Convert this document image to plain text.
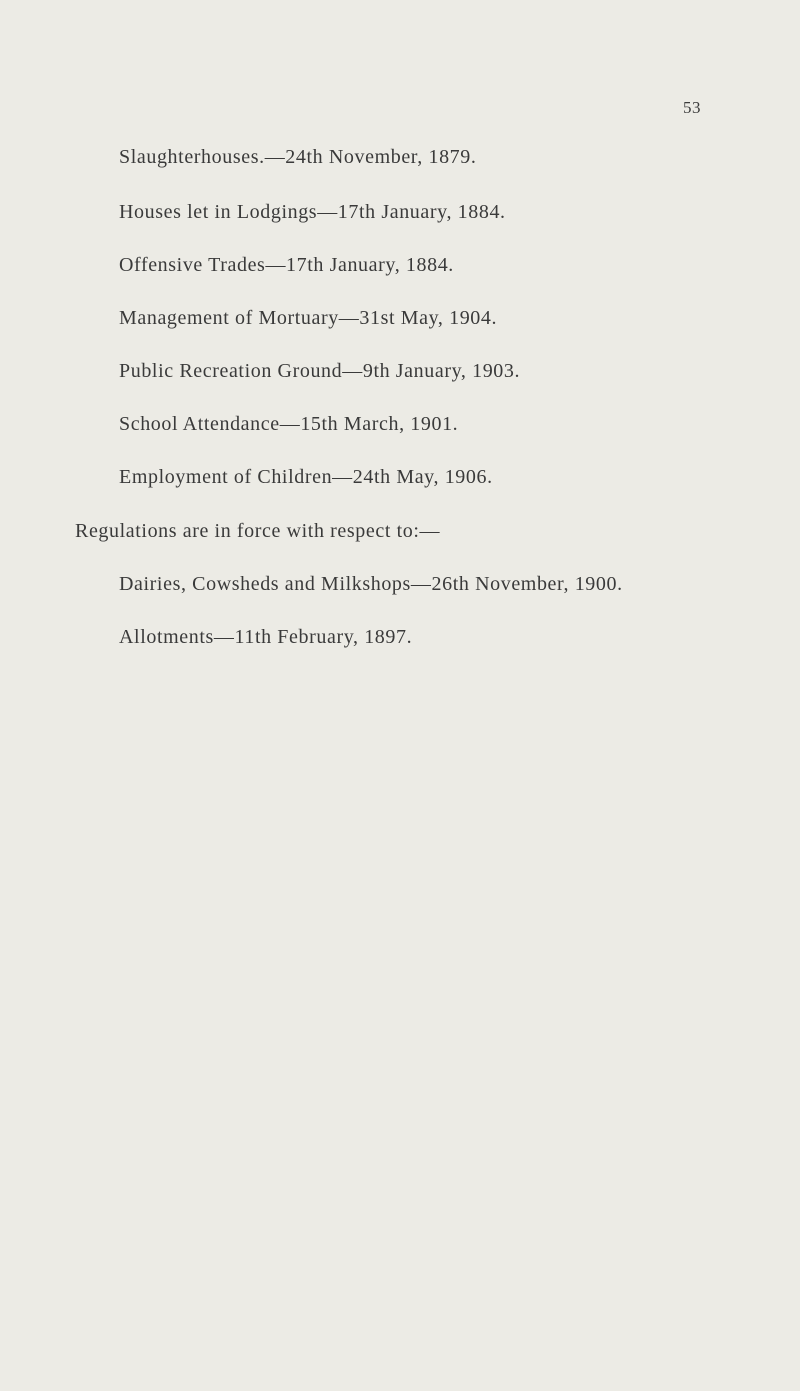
53
Slaughterhouses.—24th November, 1879.
Houses let in Lodgings—17th January, 1884.
Offensive Trades—17th January, 1884.
Management of Mortuary—31st May, 1904.
Public Recreation Ground—9th January, 1903.
School Attendance—15th March, 1901.
Employment of Children—24th May, 1906.
Regulations are in force with respect to:—
Dairies, Cowsheds and Milkshops—26th November, 1900.
Allotments—11th February, 1897.
